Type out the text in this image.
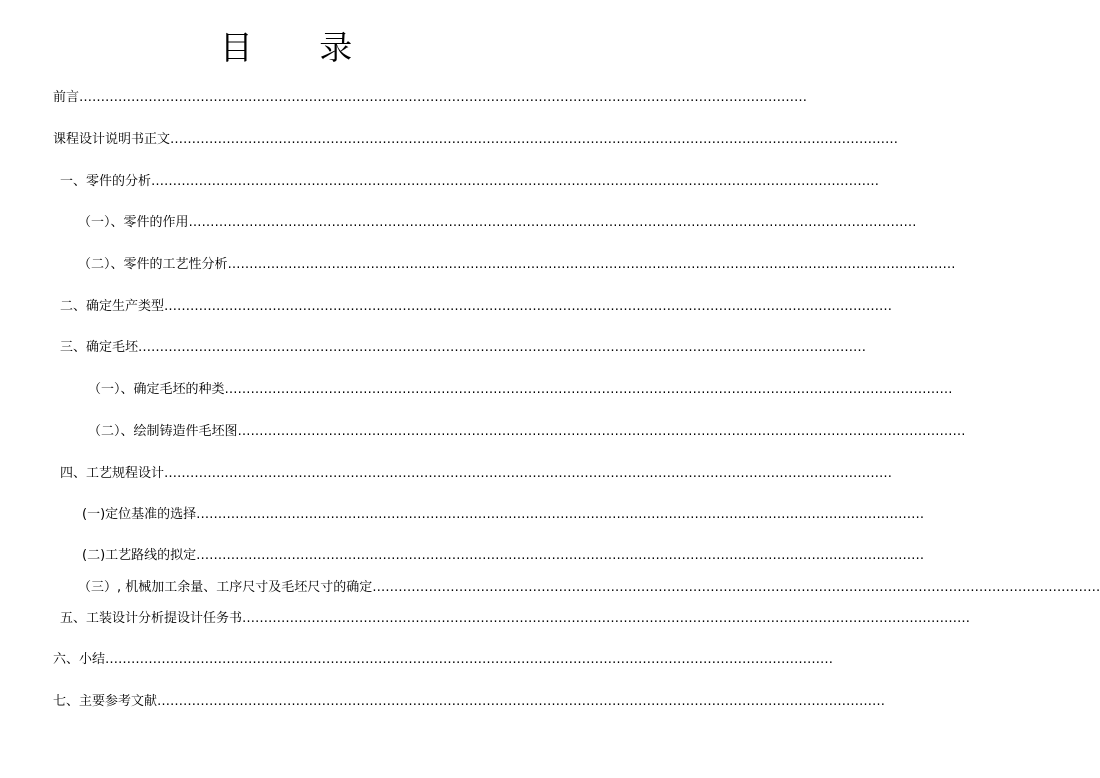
目 录
前言……………………………………………………………………………………………………………………………………………………
课程设计说明书正文……………………………………………………………………………………………………………………………………………………
一、零件的分析……………………………………………………………………………………………………………………………………………………
（一）、零件的作用……………………………………………………………………………………………………………………………………………………
（二）、零件的工艺性分析……………………………………………………………………………………………………………………………………………………
二、确定生产类型……………………………………………………………………………………………………………………………………………………
三、确定毛坯……………………………………………………………………………………………………………………………………………………
（一）、确定毛坯的种类……………………………………………………………………………………………………………………………………………………
（二）、绘制铸造件毛坯图……………………………………………………………………………………………………………………………………………………
四、工艺规程设计……………………………………………………………………………………………………………………………………………………
(一)定位基准的选择……………………………………………………………………………………………………………………………………………………
(二)工艺路线的拟定……………………………………………………………………………………………………………………………………………………
（三）, 机械加工余量、工序尺寸及毛坯尺寸的确定……………………………………………………………………………………………………………………………………………………
五、工装设计分析提设计任务书……………………………………………………………………………………………………………………………………………………
六、小结……………………………………………………………………………………………………………………………………………………
七、主要参考文献……………………………………………………………………………………………………………………………………………………
